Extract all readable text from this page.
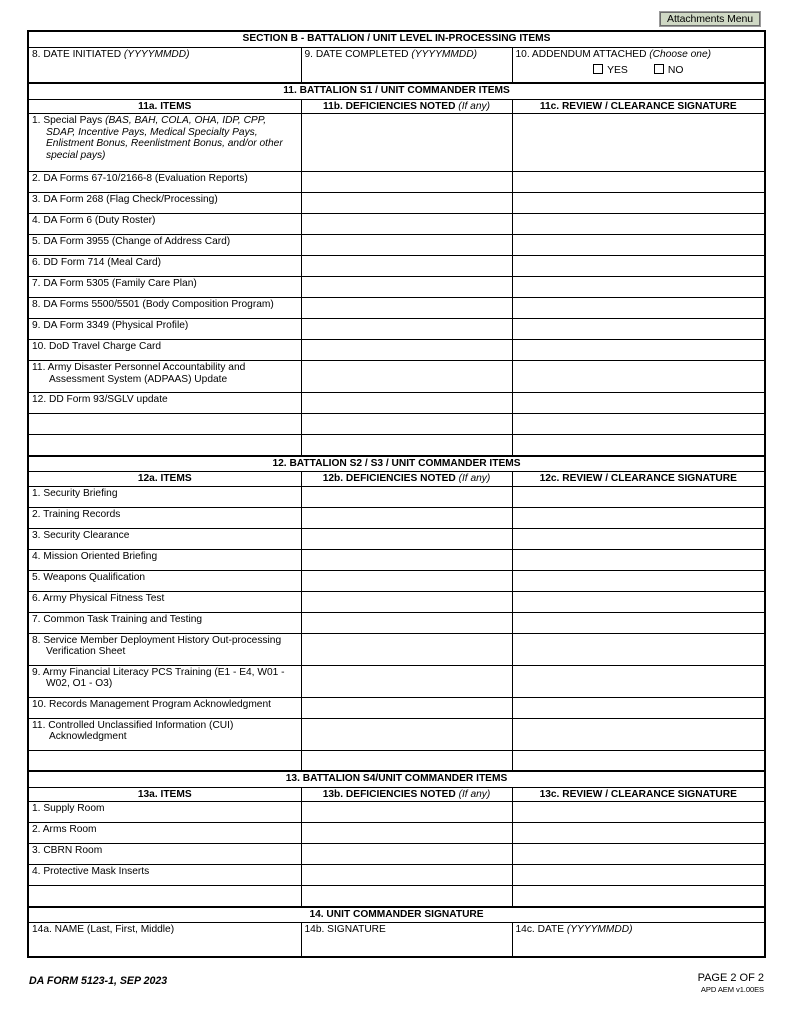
Attachments Menu
SECTION B - BATTALION / UNIT LEVEL IN-PROCESSING ITEMS		
8. DATE INITIATED (YYYYMMDD)	9. DATE COMPLETED (YYYYMMDD)	10. ADDENDUM ATTACHED (Choose one)
YES NO

11. BATTALION S1 / UNIT COMMANDER ITEMS		
11a. ITEMS	11b. DEFICIENCIES NOTED (If any)	11c. REVIEW / CLEARANCE SIGNATURE

1. Special Pays (BAS, BAH, COLA, OHA, IDP, CPP, SDAP, Incentive Pays, Medical Specialty Pays, Enlistment Bonus, Reenlistment Bonus, and/or other special pays)		

2. DA Forms 67-10/2166-8 (Evaluation Reports)		

3. DA Form 268 (Flag Check/Processing)		

4. DA Form 6 (Duty Roster)		

5. DA Form 3955 (Change of Address Card)		

6. DD Form 714 (Meal Card)		

7. DA Form 5305 (Family Care Plan)		

8. DA Forms 5500/5501 (Body Composition Program)		

9. DA Form 3349 (Physical Profile)		

10. DoD Travel Charge Card		

11. Army Disaster Personnel Accountability and Assessment System (ADPAAS) Update		

12. DD Form 93/SGLV update		

12. BATTALION S2 / S3 / UNIT COMMANDER ITEMS		
12a. ITEMS	12b. DEFICIENCIES NOTED (If any)	12c. REVIEW / CLEARANCE SIGNATURE

1. Security Briefing		

2. Training Records		

3. Security Clearance		

4. Mission Oriented Briefing		

5. Weapons Qualification		

6. Army Physical Fitness Test		

7. Common Task Training and Testing		

8. Service Member Deployment History Out-processing Verification Sheet		

9. Army Financial Literacy PCS Training (E1 - E4, W01 - W02, O1 - O3)		

10. Records Management Program Acknowledgment		

11. Controlled Unclassified Information (CUI) Acknowledgment		

13. BATTALION S4/UNIT COMMANDER ITEMS		
13a. ITEMS	13b. DEFICIENCIES NOTED (If any)	13c. REVIEW / CLEARANCE SIGNATURE

1. Supply Room		

2. Arms Room		

3. CBRN Room		

4. Protective Mask Inserts		

14. UNIT COMMANDER SIGNATURE		
14a. NAME (Last, First, Middle)	14b. SIGNATURE	14c. DATE (YYYYMMDD)
DA FORM 5123-1, SEP 2023	PAGE 2 OF 2
APD AEM v1.00ES
